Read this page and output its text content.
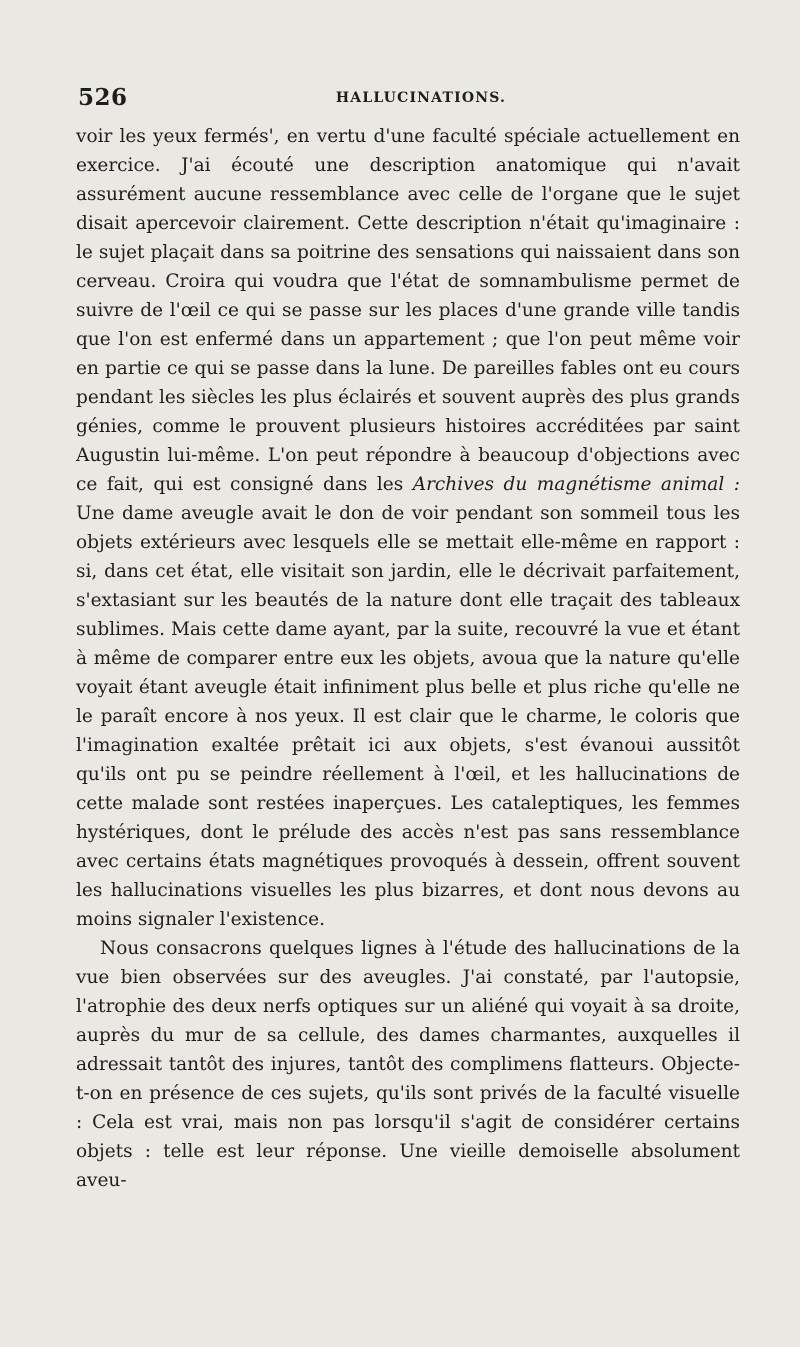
526	HALLUCINATIONS.

voir les yeux fermés', en vertu d'une faculté spéciale actuellement en exercice. J'ai écouté une description anatomique qui n'avait assurément aucune ressemblance avec celle de l'organe que le sujet disait apercevoir clairement. Cette description n'était qu'imaginaire : le sujet plaçait dans sa poitrine des sensations qui naissaient dans son cerveau. Croira qui voudra que l'état de somnambulisme permet de suivre de l'œil ce qui se passe sur les places d'une grande ville tandis que l'on est enfermé dans un appartement ; que l'on peut même voir en partie ce qui se passe dans la lune. De pareilles fables ont eu cours pendant les siècles les plus éclairés et souvent auprès des plus grands génies, comme le prouvent plusieurs histoires accréditées par saint Augustin lui-même. L'on peut répondre à beaucoup d'objections avec ce fait, qui est consigné dans les Archives du magnétisme animal : Une dame aveugle avait le don de voir pendant son sommeil tous les objets extérieurs avec lesquels elle se mettait elle-même en rapport : si, dans cet état, elle visitait son jardin, elle le décrivait parfaitement, s'extasiant sur les beautés de la nature dont elle traçait des tableaux sublimes. Mais cette dame ayant, par la suite, recouvré la vue et étant à même de comparer entre eux les objets, avoua que la nature qu'elle voyait étant aveugle était infiniment plus belle et plus riche qu'elle ne le paraît encore à nos yeux. Il est clair que le charme, le coloris que l'imagination exaltée prêtait ici aux objets, s'est évanoui aussitôt qu'ils ont pu se peindre réellement à l'œil, et les hallucinations de cette malade sont restées inaperçues. Les cataleptiques, les femmes hystériques, dont le prélude des accès n'est pas sans ressemblance avec certains états magnétiques provoqués à dessein, offrent souvent les hallucinations visuelles les plus bizarres, et dont nous devons au moins signaler l'existence.

Nous consacrons quelques lignes à l'étude des hallucinations de la vue bien observées sur des aveugles. J'ai constaté, par l'autopsie, l'atrophie des deux nerfs optiques sur un aliéné qui voyait à sa droite, auprès du mur de sa cellule, des dames charmantes, auxquelles il adressait tantôt des injures, tantôt des complimens flatteurs. Objecte-t-on en présence de ces sujets, qu'ils sont privés de la faculté visuelle : Cela est vrai, mais non pas lorsqu'il s'agit de considérer certains objets : telle est leur réponse. Une vieille demoiselle absolument aveu-
